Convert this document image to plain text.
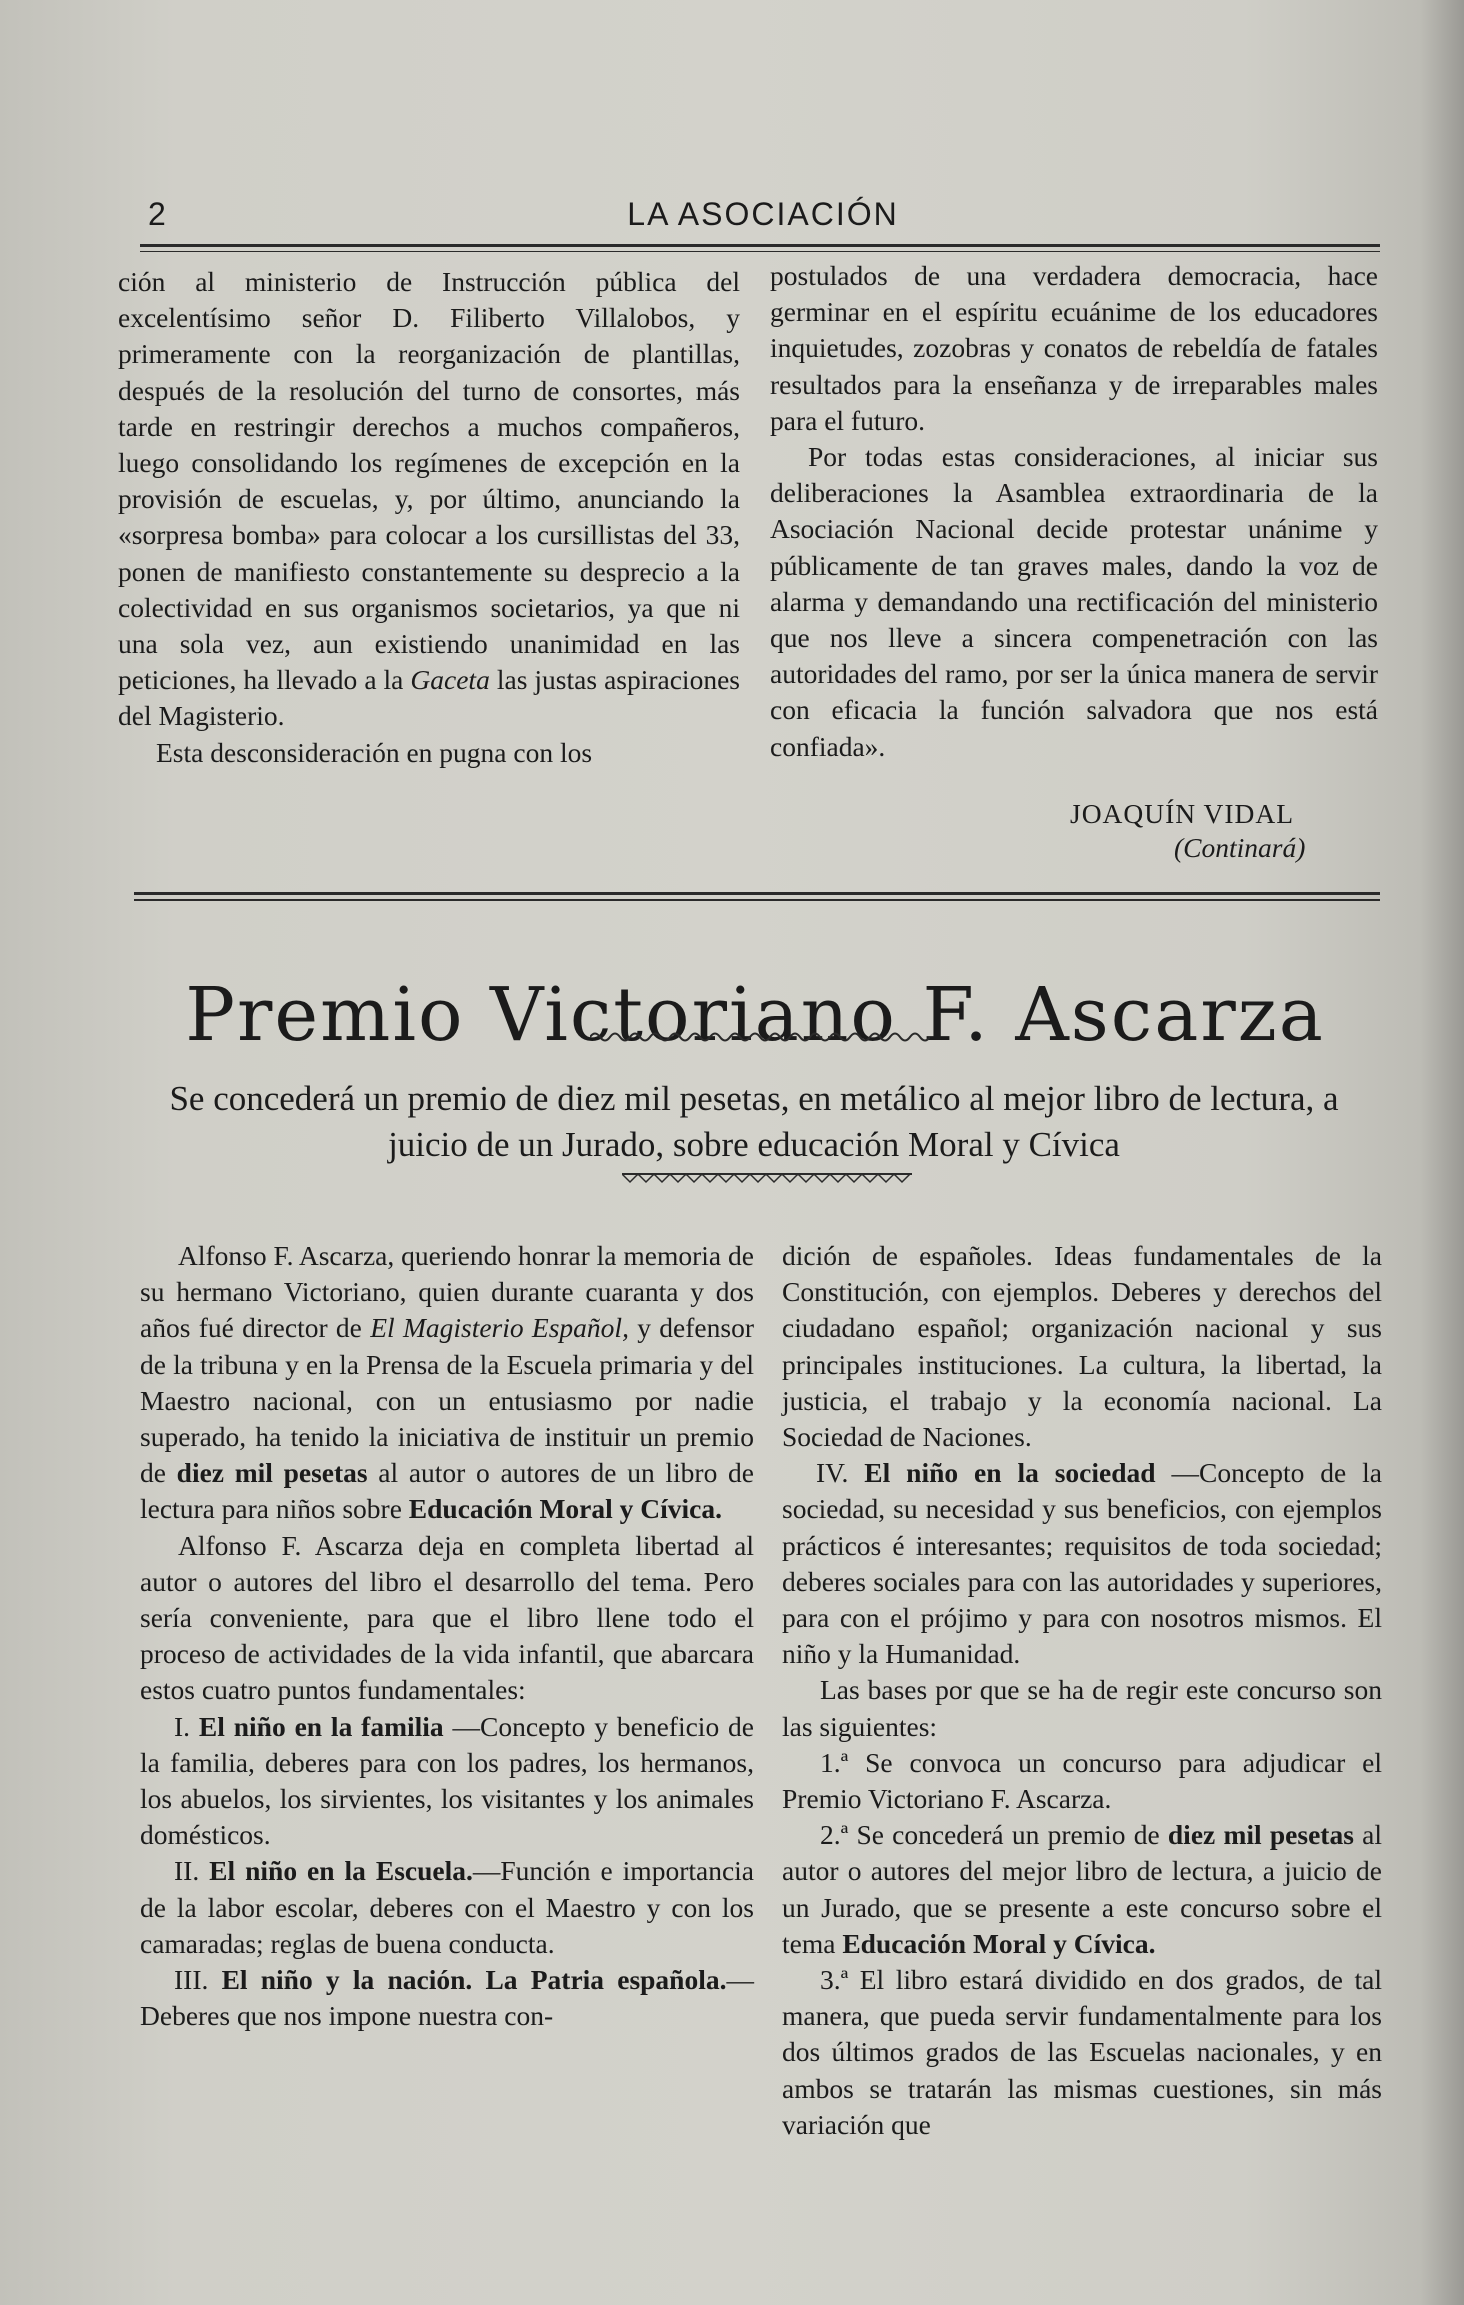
2	LA ASOCIACIÓN

ción al ministerio de Instrucción pública del excelentísimo señor D. Filiberto Villalobos, y primeramente con la reorganización de plantillas, después de la resolución del turno de consortes, más tarde en restringir derechos a muchos compañeros, luego consolidando los regímenes de excepción en la provisión de escuelas, y, por último, anunciando la «sorpresa bomba» para colocar a los cursillistas del 33, ponen de manifiesto constantemente su desprecio a la colectividad en sus organismos societarios, ya que ni una sola vez, aun existiendo unanimidad en las peticiones, ha llevado a la Gaceta las justas aspiraciones del Magisterio.

Esta desconsideración en pugna con los

postulados de una verdadera democracia, hace germinar en el espíritu ecuánime de los educadores inquietudes, zozobras y conatos de rebeldía de fatales resultados para la enseñanza y de irreparables males para el futuro.

Por todas estas consideraciones, al iniciar sus deliberaciones la Asamblea extraordinaria de la Asociación Nacional decide protestar unánime y públicamente de tan graves males, dando la voz de alarma y demandando una rectificación del ministerio que nos lleve a sincera compenetración con las autoridades del ramo, por ser la única manera de servir con eficacia la función salvadora que nos está confiada».

JOAQUÍN VIDAL
(Continará)
Premio Victoriano F. Ascarza
Se concederá un premio de diez mil pesetas, en metálico al mejor libro de lectura, a juicio de un Jurado, sobre educación Moral y Cívica

Alfonso F. Ascarza, queriendo honrar la memoria de su hermano Victoriano, quien durante cuaranta y dos años fué director de El Magisterio Español, y defensor de la tribuna y en la Prensa de la Escuela primaria y del Maestro nacional, con un entusiasmo por nadie superado, ha tenido la iniciativa de instituir un premio de diez mil pesetas al autor o autores de un libro de lectura para niños sobre Educación Moral y Cívica.

Alfonso F. Ascarza deja en completa libertad al autor o autores del libro el desarrollo del tema. Pero sería conveniente, para que el libro llene todo el proceso de actividades de la vida infantil, que abarcara estos cuatro puntos fundamentales:

I. El niño en la familia —Concepto y beneficio de la familia, deberes para con los padres, los hermanos, los abuelos, los sirvientes, los visitantes y los animales domésticos.

II. El niño en la Escuela.—Función e importancia de la labor escolar, deberes con el Maestro y con los camaradas; reglas de buena conducta.

III. El niño y la nación. La Patria española.—Deberes que nos impone nuestra con-

dición de españoles. Ideas fundamentales de la Constitución, con ejemplos. Deberes y derechos del ciudadano español; organización nacional y sus principales instituciones. La cultura, la libertad, la justicia, el trabajo y la economía nacional. La Sociedad de Naciones.

IV. El niño en la sociedad —Concepto de la sociedad, su necesidad y sus beneficios, con ejemplos prácticos é interesantes; requisitos de toda sociedad; deberes sociales para con las autoridades y superiores, para con el prójimo y para con nosotros mismos. El niño y la Humanidad.

Las bases por que se ha de regir este concurso son las siguientes:

1.ª Se convoca un concurso para adjudicar el Premio Victoriano F. Ascarza.

2.ª Se concederá un premio de diez mil pesetas al autor o autores del mejor libro de lectura, a juicio de un Jurado, que se presente a este concurso sobre el tema Educación Moral y Cívica.

3.ª El libro estará dividido en dos grados, de tal manera, que pueda servir fundamentalmente para los dos últimos grados de las Escuelas nacionales, y en ambos se tratarán las mismas cuestiones, sin más variación que
